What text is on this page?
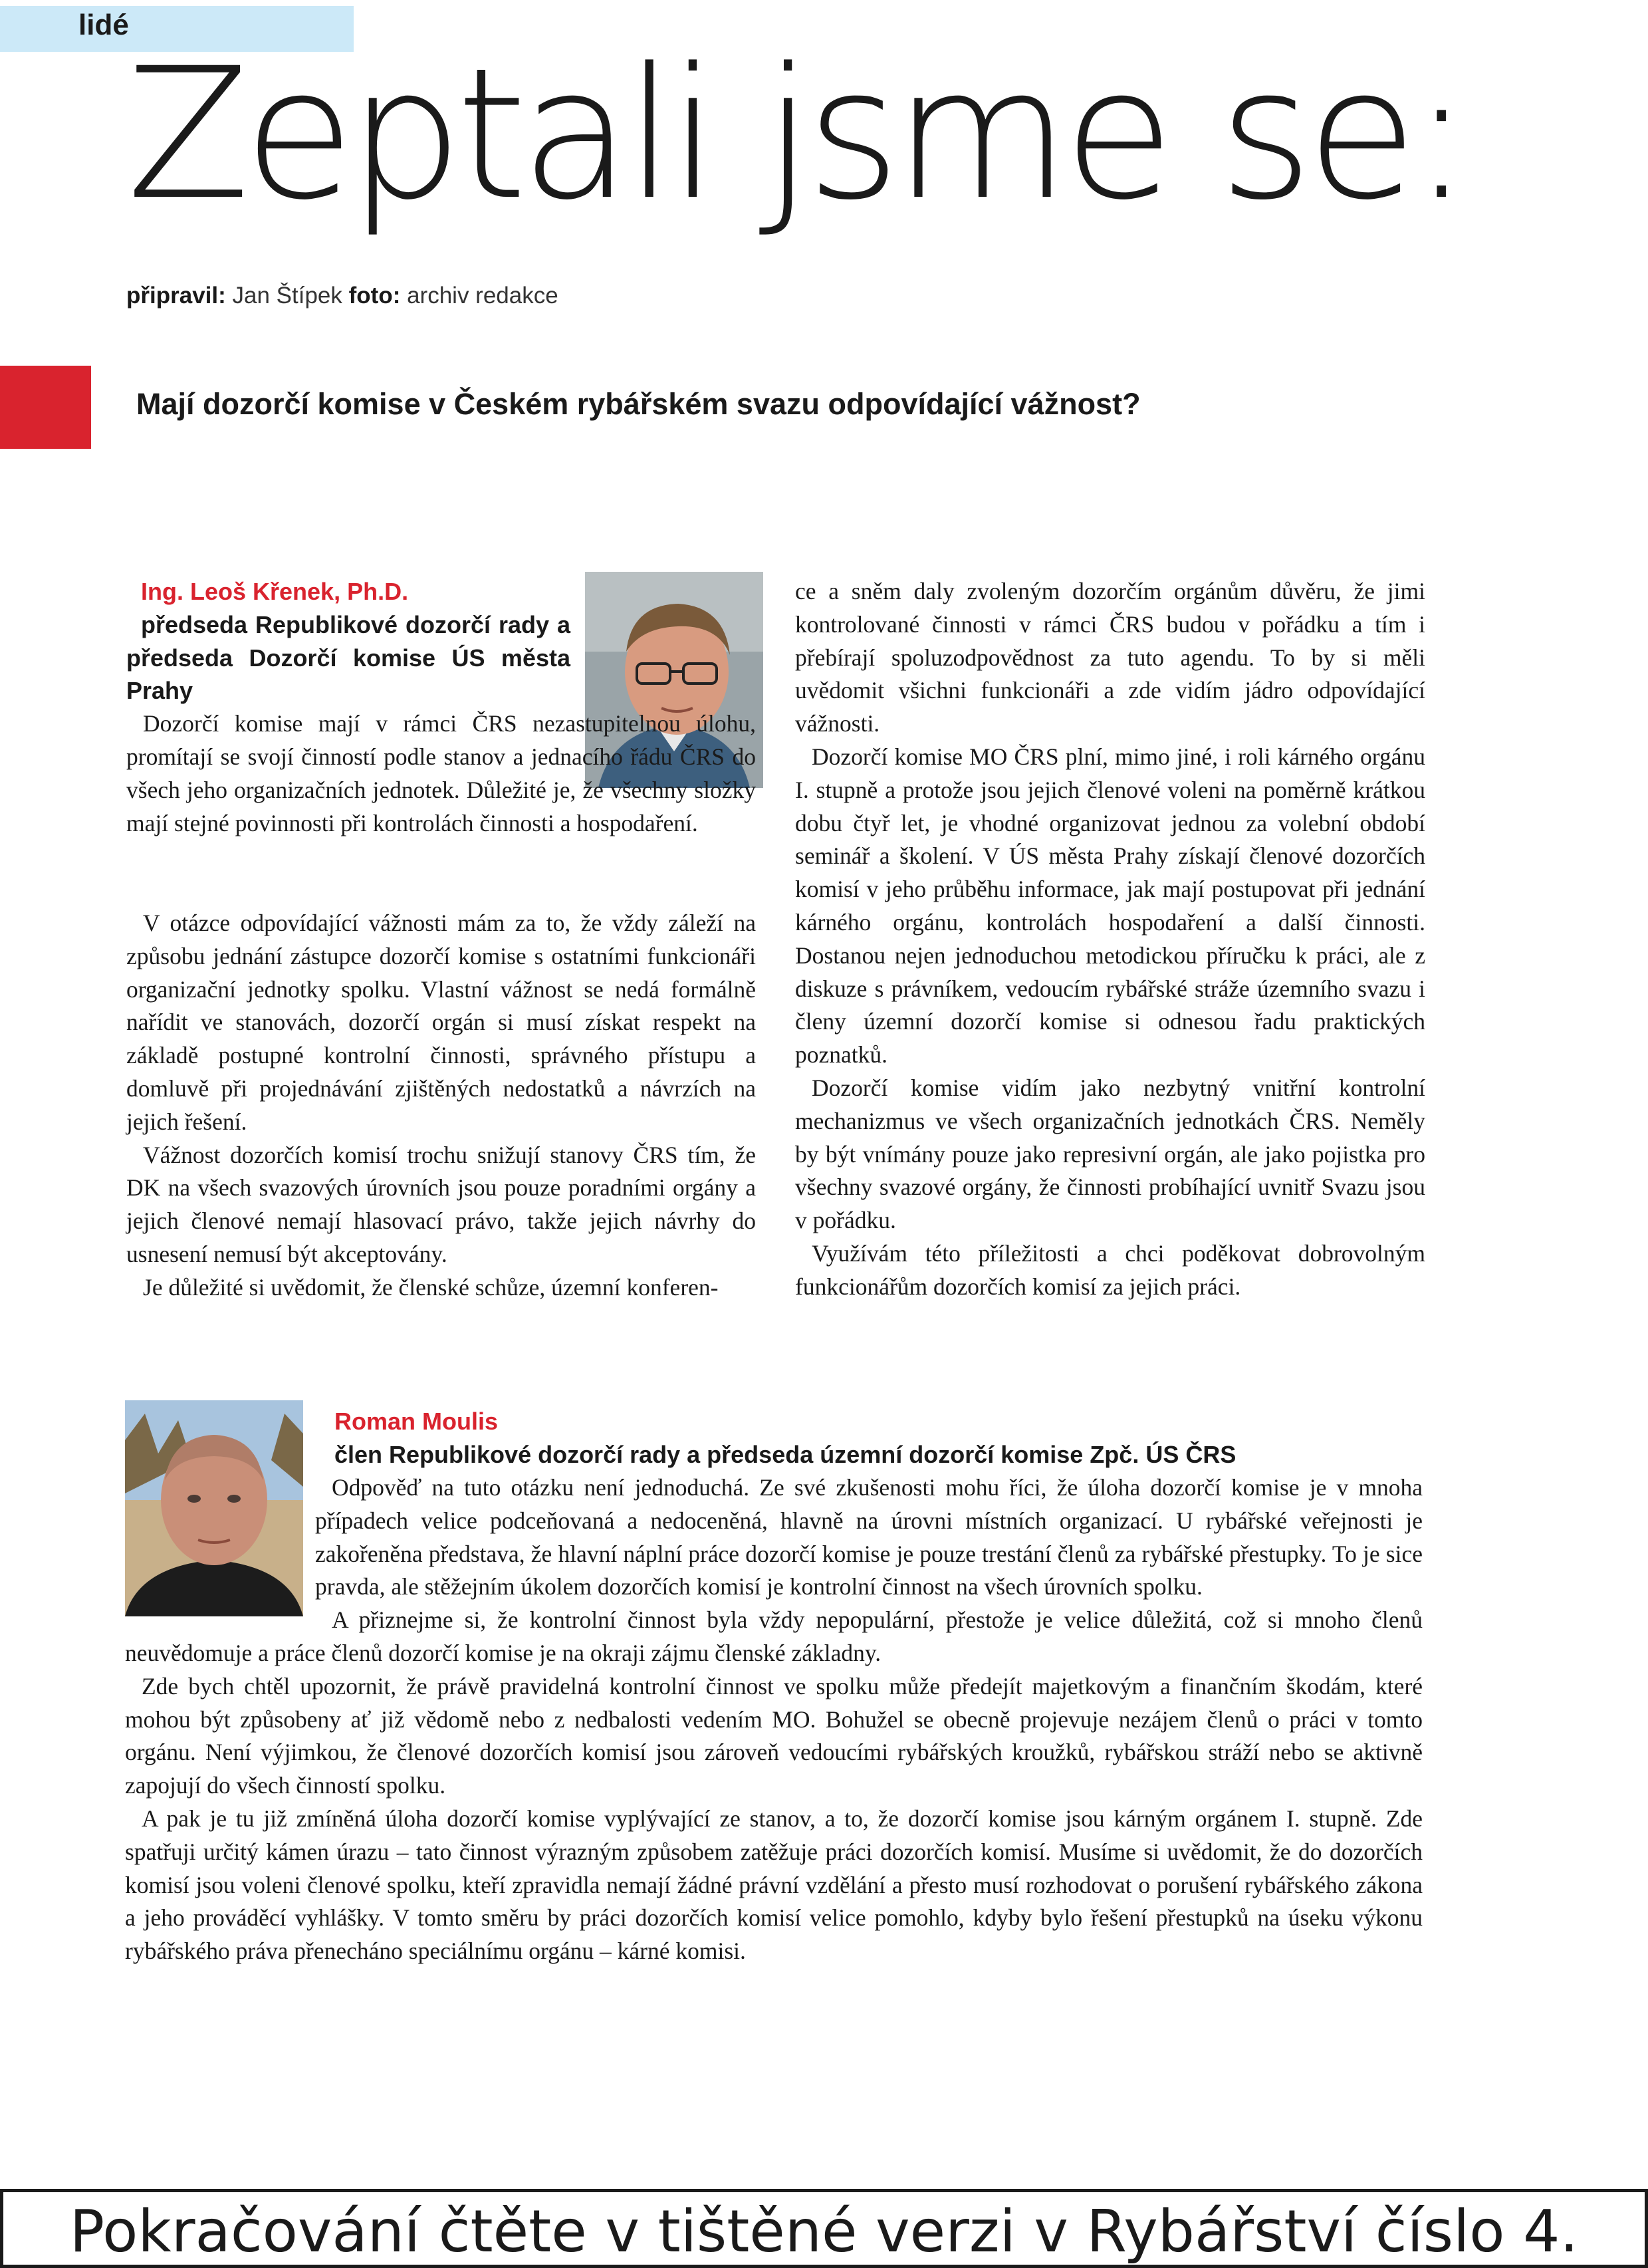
lidé
Zeptali jsme se:
připravil: Jan Štípek foto: archiv redakce
Mají dozorčí komise v Českém rybářském svazu odpovídající vážnost?
Ing. Leoš Křenek, Ph.D.
předseda Republikové dozorčí rady a předseda Dozorčí komise ÚS města Prahy

Dozorčí komise mají v rámci ČRS nezastupitelnou úlohu, promítají se svojí činností podle stanov a jednacího řádu ČRS do všech jeho organizačních jednotek. Důležité je, že všechny složky mají stejné povinnosti při kontrolách činnosti a hospodaření.

V otázce odpovídající vážnosti mám za to, že vždy záleží na způsobu jednání zástupce dozorčí komise s ostatními funkcionáři organizační jednotky spolku. Vlastní vážnost se nedá formálně nařídit ve stanovách, dozorčí orgán si musí získat respekt na základě postupné kontrolní činnosti, správného přístupu a domluvě při projednávání zjištěných nedostatků a návrzích na jejich řešení.

Vážnost dozorčích komisí trochu snižují stanovy ČRS tím, že DK na všech svazových úrovních jsou pouze poradními orgány a jejich členové nemají hlasovací právo, takže jejich návrhy do usnesení nemusí být akceptovány.

Je důležité si uvědomit, že členské schůze, územní konferen-

ce a sněm daly zvoleným dozorčím orgánům důvěru, že jimi kontrolované činnosti v rámci ČRS budou v pořádku a tím i přebírají spoluzodpovědnost za tuto agendu. To by si měli uvědomit všichni funkcionáři a zde vidím jádro odpovídající vážnosti.

Dozorčí komise MO ČRS plní, mimo jiné, i roli kárného orgánu I. stupně a protože jsou jejich členové voleni na poměrně krátkou dobu čtyř let, je vhodné organizovat jednou za volební období seminář a školení. V ÚS města Prahy získají členové dozorčích komisí v jeho průběhu informace, jak mají postupovat při jednání kárného orgánu, kontrolách hospodaření a další činnosti. Dostanou nejen jednoduchou metodickou příručku k práci, ale z diskuze s právníkem, vedoucím rybářské stráže územního svazu i členy územní dozorčí komise si odnesou řadu praktických poznatků.

Dozorčí komise vidím jako nezbytný vnitřní kontrolní mechanizmus ve všech organizačních jednotkách ČRS. Neměly by být vnímány pouze jako represivní orgán, ale jako pojistka pro všechny svazové orgány, že činnosti probíhající uvnitř Svazu jsou v pořádku.

Využívám této příležitosti a chci poděkovat dobrovolným funkcionářům dozorčích komisí za jejich práci.

Roman Moulis
člen Republikové dozorčí rady a předseda územní dozorčí komise Zpč. ÚS ČRS

Odpověď na tuto otázku není jednoduchá. Ze své zkušenosti mohu říci, že úloha dozorčí komise je v mnoha případech velice podceňovaná a nedoceněná, hlavně na úrovni místních organizací. U rybářské veřejnosti je zakořeněna představa, že hlavní náplní práce dozorčí komise je pouze trestání členů za rybářské přestupky. To je sice pravda, ale stěžejním úkolem dozorčích komisí je kontrolní činnost na všech úrovních spolku.

A přiznejme si, že kontrolní činnost byla vždy nepopulární, přestože je velice důležitá, což si mnoho členů neuvědomuje a práce členů dozorčí komise je na okraji zájmu členské základny.

Zde bych chtěl upozornit, že právě pravidelná kontrolní činnost ve spolku může předejít majetkovým a finančním škodám, které mohou být způsobeny ať již vědomě nebo z nedbalosti vedením MO. Bohužel se obecně projevuje nezájem členů o práci v tomto orgánu. Není výjimkou, že členové dozorčích komisí jsou zároveň vedoucími rybářských kroužků, rybářskou stráží nebo se aktivně zapojují do všech činností spolku.

A pak je tu již zmíněná úloha dozorčí komise vyplývající ze stanov, a to, že dozorčí komise jsou kárným orgánem I. stupně. Zde spatřuji určitý kámen úrazu – tato činnost výrazným způsobem zatěžuje práci dozorčích komisí. Musíme si uvědomit, že do dozorčích komisí jsou voleni členové spolku, kteří zpravidla nemají žádné právní vzdělání a přesto musí rozhodovat o porušení rybářského zákona a jeho prováděcí vyhlášky. V tomto směru by práci dozorčích komisí velice pomohlo, kdyby bylo řešení přestupků na úseku výkonu rybářského práva přenecháno speciálnímu orgánu – kárné komisi.

Pokračování čtěte v tištěné verzi v Rybářství číslo 4.
